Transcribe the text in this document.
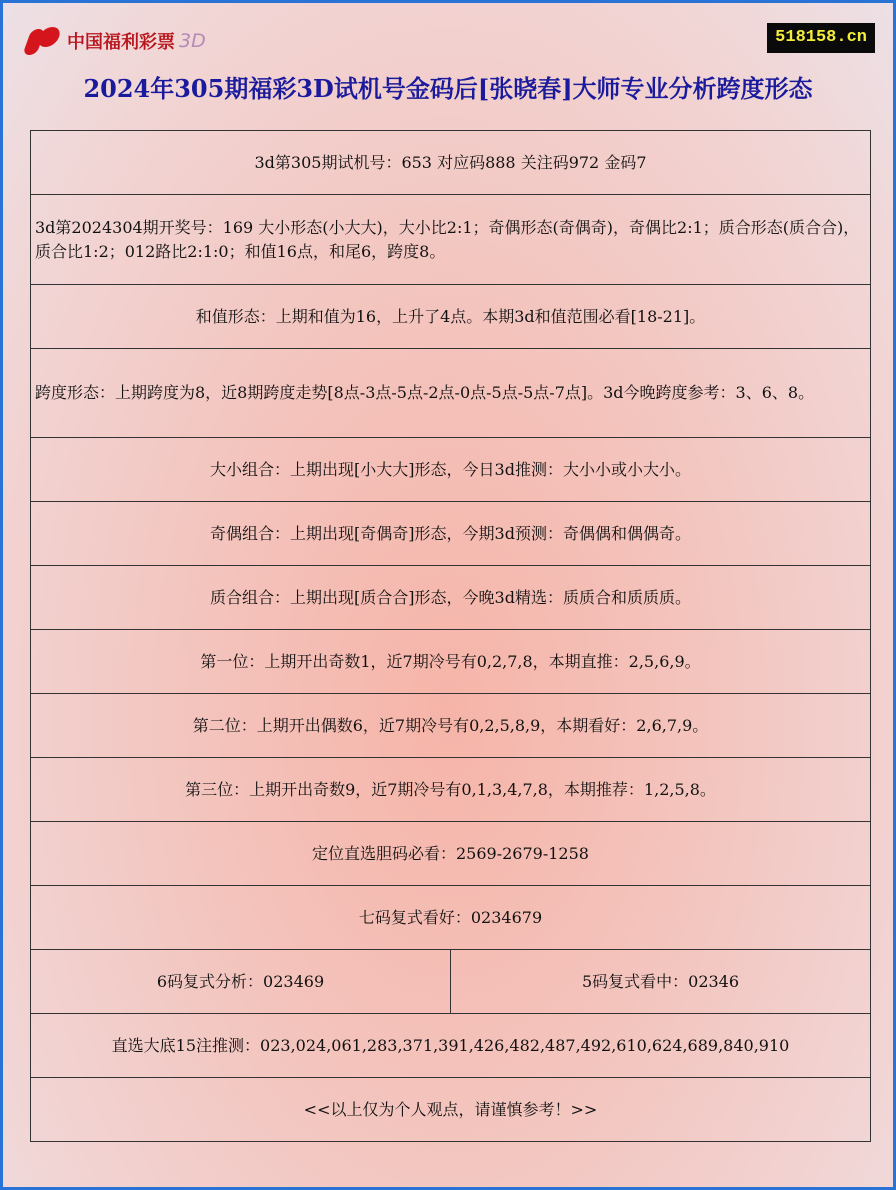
中国福利彩票 3D	518158.cn
2024年305期福彩3D试机号金码后[张晓春]大师专业分析跨度形态
3d第305期试机号：653 对应码888 关注码972 金码7
3d第2024304期开奖号：169 大小形态(小大大)，大小比2:1；奇偶形态(奇偶奇)，奇偶比2:1；质合形态(质合合)，质合比1:2；012路比2:1:0；和值16点，和尾6，跨度8。
和值形态：上期和值为16，上升了4点。本期3d和值范围必看[18-21]。
跨度形态：上期跨度为8，近8期跨度走势[8点-3点-5点-2点-0点-5点-5点-7点]。3d今晚跨度参考：3、6、8。
大小组合：上期出现[小大大]形态，今日3d推测：大小小或小大小。
奇偶组合：上期出现[奇偶奇]形态，今期3d预测：奇偶偶和偶偶奇。
质合组合：上期出现[质合合]形态，今晚3d精选：质质合和质质质。
第一位：上期开出奇数1，近7期冷号有0,2,7,8，本期直推：2,5,6,9。
第二位：上期开出偶数6，近7期冷号有0,2,5,8,9，本期看好：2,6,7,9。
第三位：上期开出奇数9，近7期冷号有0,1,3,4,7,8，本期推荐：1,2,5,8。
定位直选胆码必看：2569-2679-1258
七码复式看好：0234679
6码复式分析：023469	5码复式看中：02346
直选大底15注推测：023,024,061,283,371,391,426,482,487,492,610,624,689,840,910
<<以上仅为个人观点，请谨慎参考！>>
